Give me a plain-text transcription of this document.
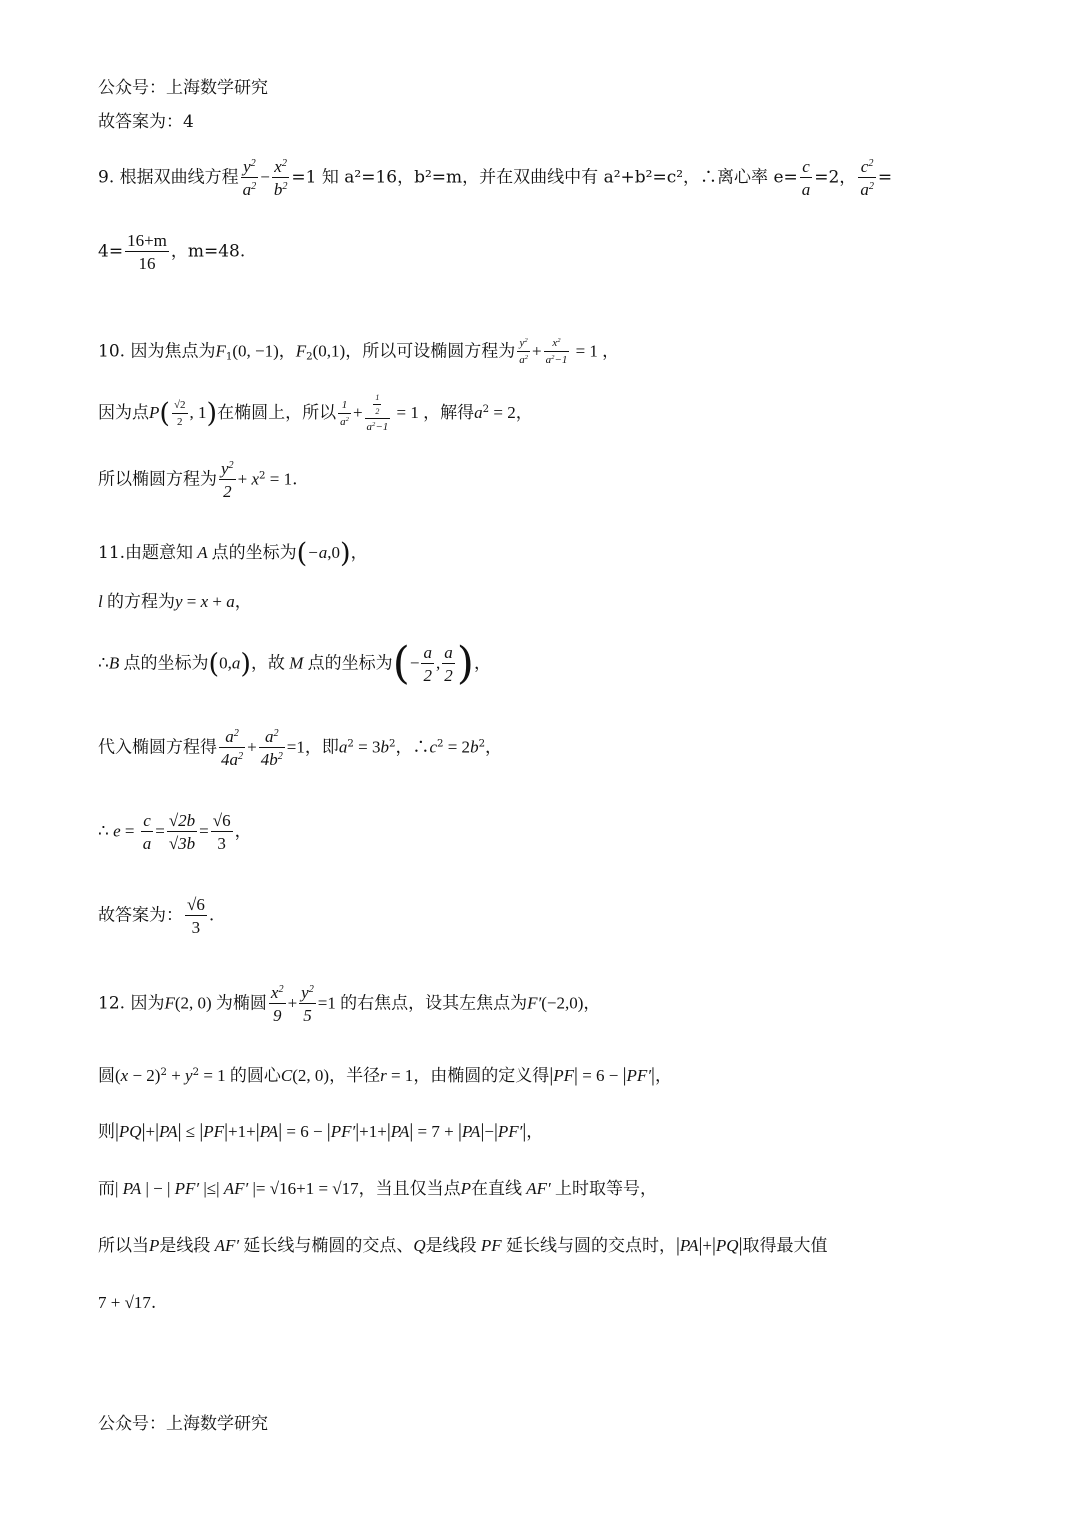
公众号：上海数学研究
故答案为：4
9. 根据双曲线方程 $\frac{y^2}{a^2} - \frac{x^2}{b^2} =1$ 知 a²=16，b²=m，并在双曲线中有 a²+b²=c²，∴离心率 $e= \frac{c}{a} =2$， $\frac{c^2}{a^2}$ =
$4= \frac{16+m}{16}$ ，m=48.
10. 因为焦点为$F_1(0$, −1)，$F_2(0,1)$，所以可设椭圆方程为 $\frac{y^2}{a^2} + \frac{x^2}{a^2-1} = 1$ ，
因为点$P( \frac{√2}{2}$ , 1)在椭圆上，所以 $\frac{1}{a^2} + \frac{\frac{1}{2}}{a^2-1} = 1$ ，解得$a^2 = 2$，
所以椭圆方程为 $\frac{y^2}{2} + x^2 = 1$.
11.由题意知 A 点的坐标为(−a,0)，
l 的方程为y = x + a，
∴B 点的坐标为(0,a)，故 M 点的坐标为(− $\frac{a}{2}$ , $\frac{a}{2}$ )，
代入椭圆方程得 $\frac{a^2}{4a^2} + \frac{a^2}{4b^2} =1$，即$a^2 = 3b^2$，$\therefore c^2 = 2b^2$，
∴ $e = \frac{c}{a} = \frac{√2b}{√3b} = \frac{√6}{3}$ ，
故答案为： $\frac{√6}{3}$ .
12. 因为F(2, 0) 为椭圆 $\frac{x^2}{9} + \frac{y^2}{5} =1$ 的右焦点，设其左焦点为F′(−2,0)，
圆$(x - 2)^2 + y^2 = 1$ 的圆心C(2, 0)，半径r = 1，由椭圆的定义得|PF| = 6 − |PF′|，
则|PQ|+|PA| ≤ |PF|+1+|PA| = 6 − |PF′|+1+|PA| = 7 + |PA|−|PF′|，
而| PA | − | PF′ |≤| AF′ |= √16+1 = √17，当且仅当点P在直线 AF′ 上时取等号，
所以当P是线段 AF′ 延长线与椭圆的交点、Q是线段 PF 延长线与圆的交点时，|PA|+|PQ|取得最大值
7 + √17.
公众号：上海数学研究
